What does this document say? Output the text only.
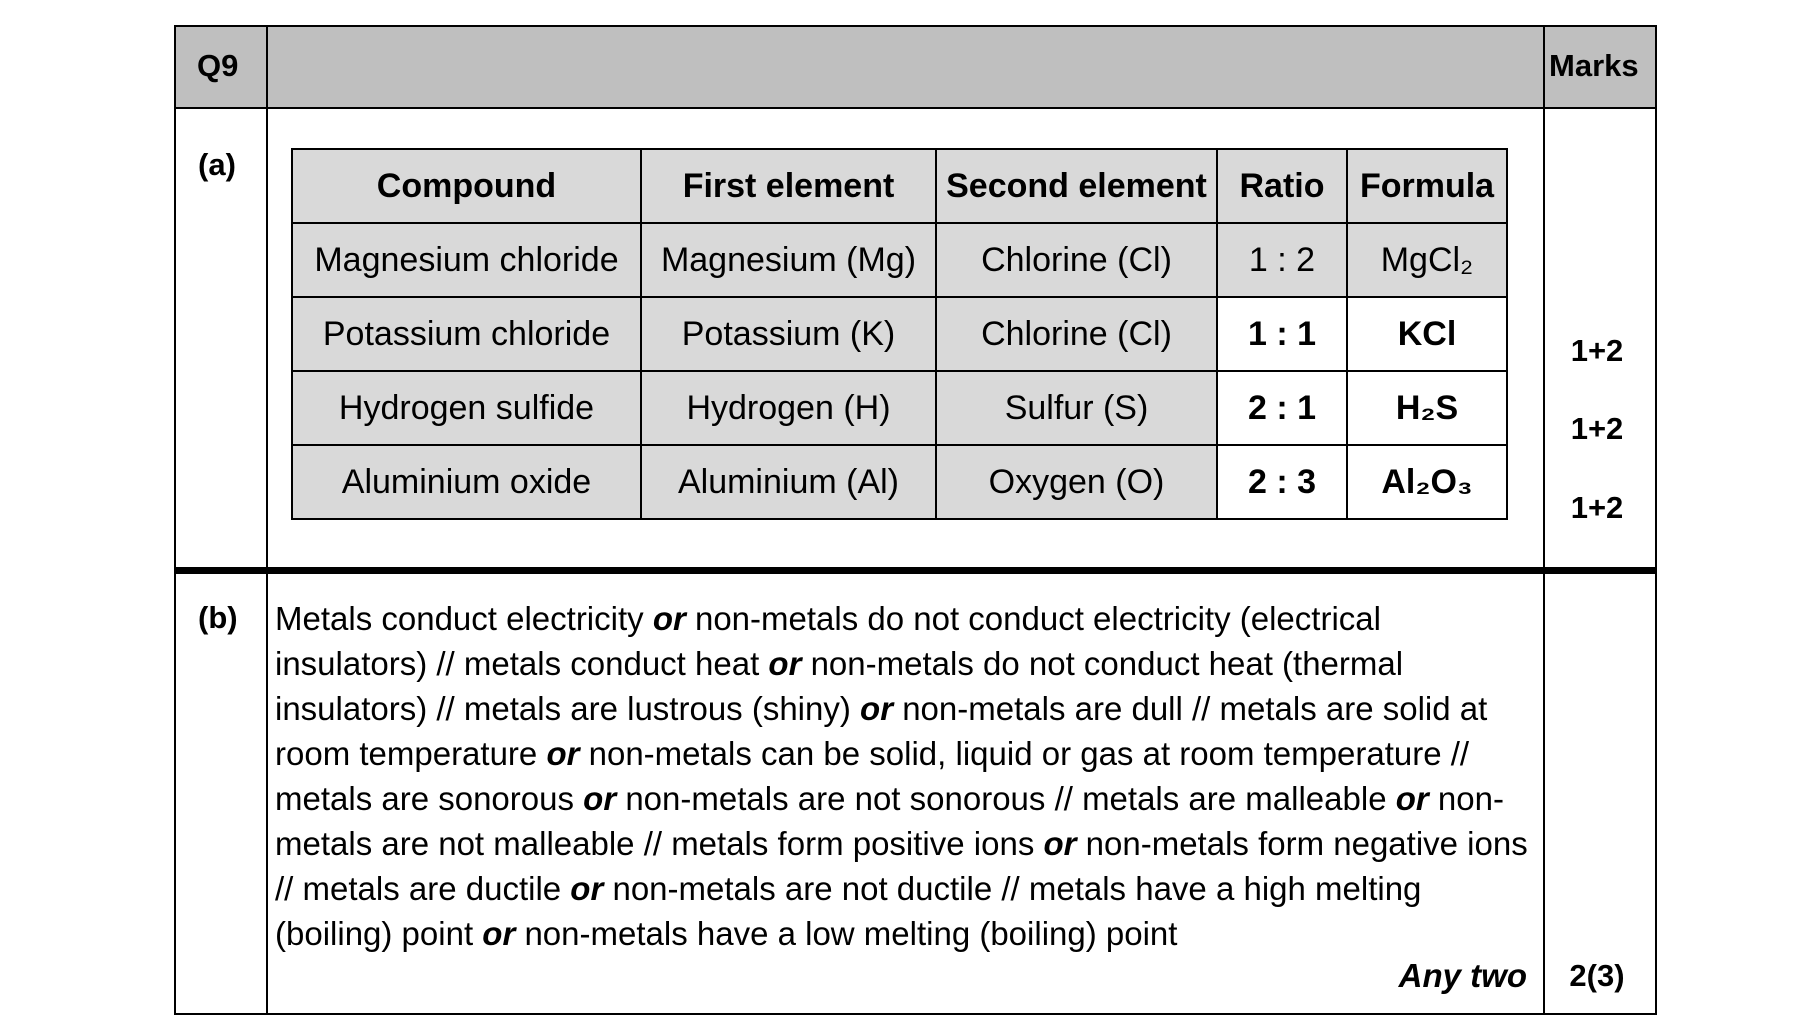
Q9	Marks
(a)
Compound	First element	Second element	Ratio	Formula
Magnesium chloride	Magnesium (Mg)	Chlorine (Cl)	1 : 2	MgCl₂
Potassium chloride	Potassium (K)	Chlorine (Cl)	1 : 1	KCl
Hydrogen sulfide	Hydrogen (H)	Sulfur (S)	2 : 1	H₂S
Aluminium oxide	Aluminium (Al)	Oxygen (O)	2 : 3	Al₂O₃
1+2
1+2
1+2
(b) Metals conduct electricity or non-metals do not conduct electricity (electrical insulators) // metals conduct heat or non-metals do not conduct heat (thermal insulators) // metals are lustrous (shiny) or non-metals are dull // metals are solid at room temperature or non-metals can be solid, liquid or gas at room temperature // metals are sonorous or non-metals are not sonorous // metals are malleable or non-metals are not malleable // metals form positive ions or non-metals form negative ions // metals are ductile or non-metals are not ductile // metals have a high melting (boiling) point or non-metals have a low melting (boiling) point
Any two	2(3)
